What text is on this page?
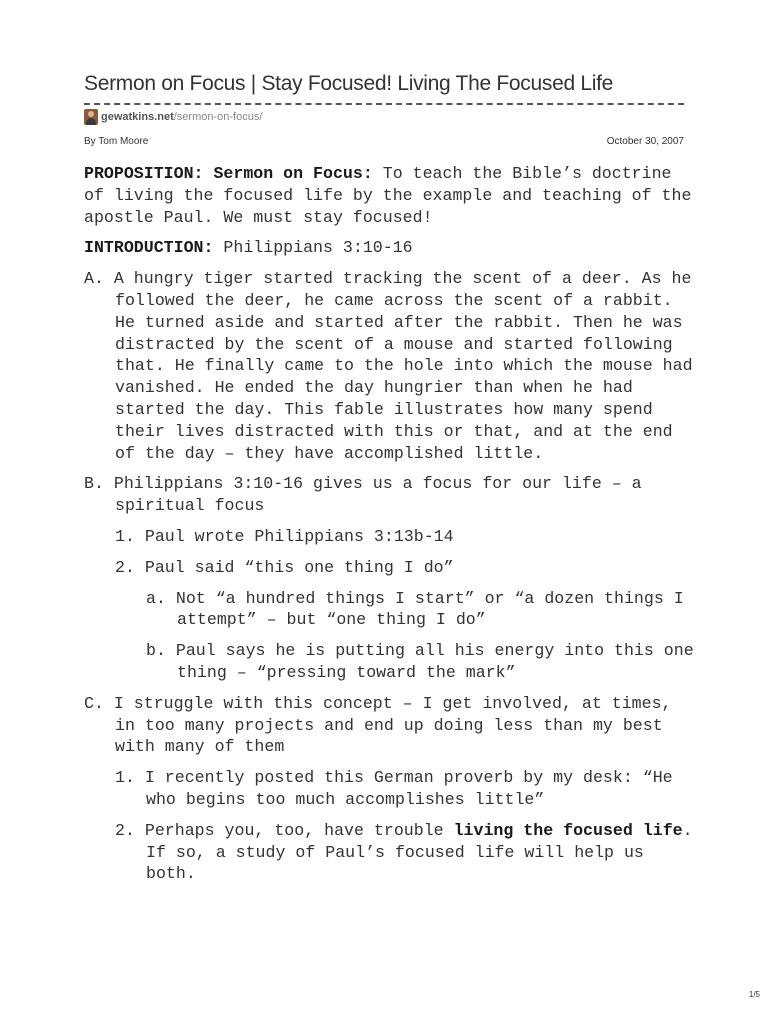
Sermon on Focus | Stay Focused! Living The Focused Life
gewatkins.net /sermon-on-focus/
By Tom Moore	October 30, 2007

PROPOSITION: Sermon on Focus: To teach the Bible’s doctrine of living the focused life by the example and teaching of the apostle Paul. We must stay focused!

INTRODUCTION: Philippians 3:10-16

A. A hungry tiger started tracking the scent of a deer. As he followed the deer, he came across the scent of a rabbit. He turned aside and started after the rabbit. Then he was distracted by the scent of a mouse and started following that. He finally came to the hole into which the mouse had vanished. He ended the day hungrier than when he had started the day. This fable illustrates how many spend their lives distracted with this or that, and at the end of the day – they have accomplished little.
B. Philippians 3:10-16 gives us a focus for our life – a spiritual focus
1. Paul wrote Philippians 3:13b-14
2. Paul said “this one thing I do”
a. Not “a hundred things I start” or “a dozen things I attempt” – but “one thing I do”
b. Paul says he is putting all his energy into this one thing – “pressing toward the mark”
C. I struggle with this concept – I get involved, at times, in too many projects and end up doing less than my best with many of them
1. I recently posted this German proverb by my desk: “He who begins too much accomplishes little”
2. Perhaps you, too, have trouble living the focused life. If so, a study of Paul’s focused life will help us both.
1/5
